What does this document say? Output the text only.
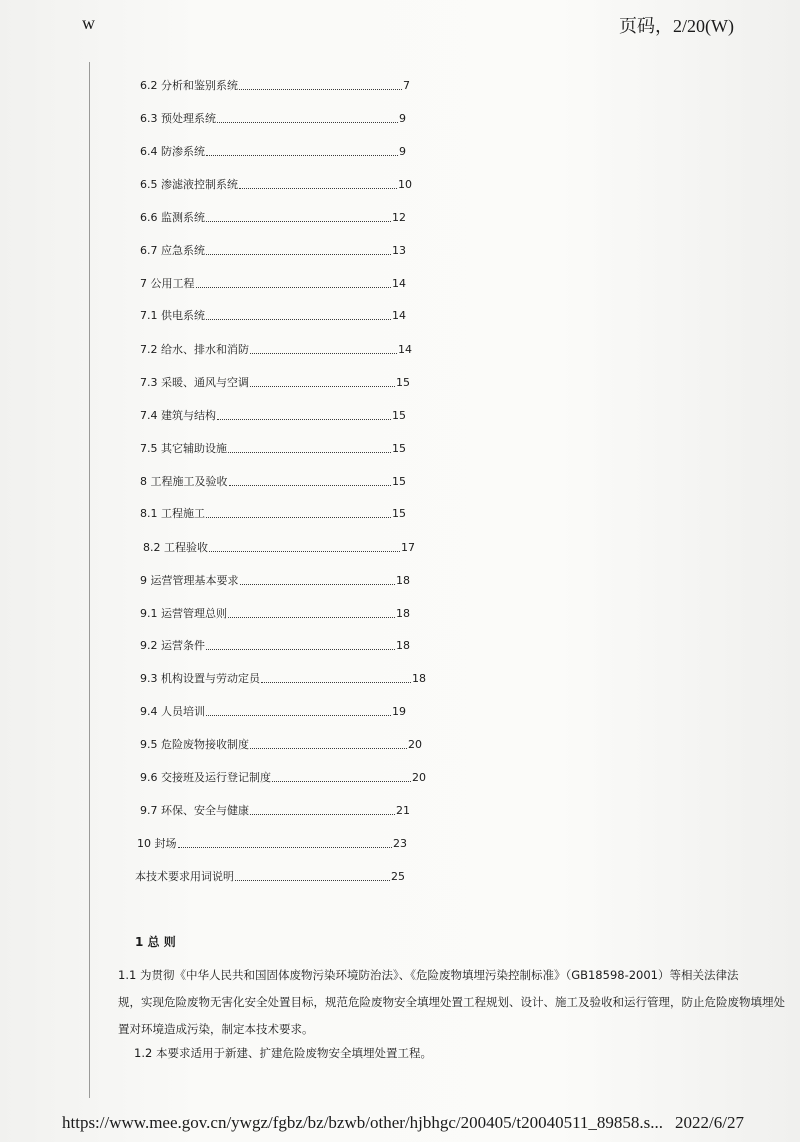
w	页码，2/20(W)
6.2 分析和鉴别系统	7
6.3 预处理系统	9
6.4 防渗系统	9
6.5 渗滤液控制系统	10
6.6 监测系统	12
6.7 应急系统	13
7 公用工程	14
7.1 供电系统	14
7.2 给水、排水和消防	14
7.3 采暖、通风与空调	15
7.4 建筑与结构	15
7.5 其它辅助设施	15
8 工程施工及验收	15
8.1 工程施工	15
8.2 工程验收	17
9 运营管理基本要求	18
9.1 运营管理总则	18
9.2 运营条件	18
9.3 机构设置与劳动定员	18
9.4 人员培训	19
9.5 危险废物接收制度	20
9.6 交接班及运行登记制度	20
9.7 环保、安全与健康	21
10 封场	23
本技术要求用词说明	25
1 总 则
1.1 为贯彻《中华人民共和国固体废物污染环境防治法》、《危险废物填埋污染控制标准》（GB18598-2001）等相关法律法
规，实现危险废物无害化安全处置目标，规范危险废物安全填埋处置工程规划、设计、施工及验收和运行管理，防止危险废物填埋处
置对环境造成污染，制定本技术要求。
1.2 本要求适用于新建、扩建危险废物安全填埋处置工程。
https://www.mee.gov.cn/ywgz/fgbz/bz/bzwb/other/hjbhgc/200405/t20040511_89858.s... 2022/6/27
